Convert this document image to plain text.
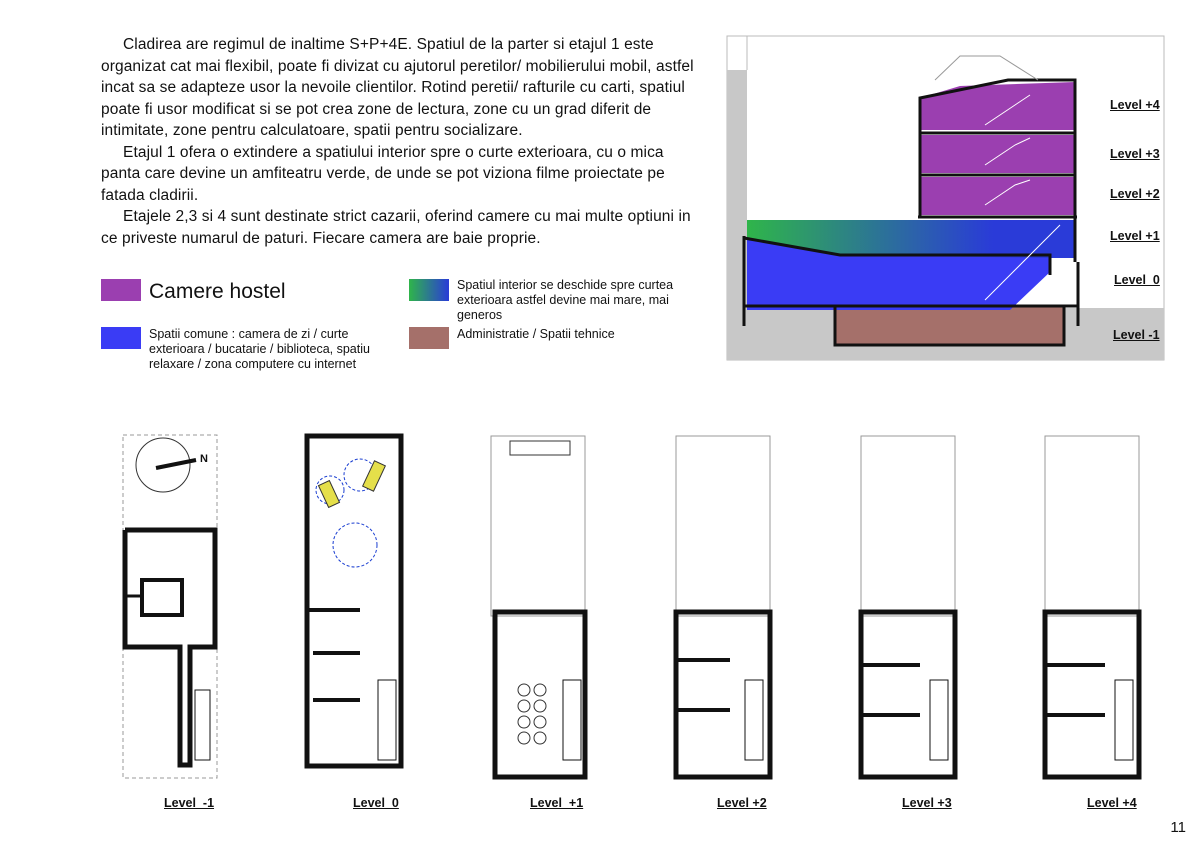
Cladirea are regimul de inaltime S+P+4E. Spatiul de la parter si etajul 1 este organizat cat mai flexibil, poate fi divizat cu ajutorul peretilor/ mobilierului mobil, astfel incat sa se adapteze usor la nevoile clientilor. Rotind peretii/ rafturile cu carti, spatiul poate fi usor modificat si se pot crea zone de lectura, zone cu un grad diferit de intimitate, zone pentru calculatoare, spatii pentru socializare.

Etajul 1 ofera o extindere a spatiului interior spre o curte exterioara, cu o mica panta care devine un amfiteatru verde, de unde se pot viziona filme proiectate pe fatada cladirii.

Etajele 2,3 si 4 sunt destinate strict cazarii, oferind camere cu mai multe optiuni in ce priveste numarul de paturi. Fiecare camera are baie proprie.

Camere hostel
Spatii comune : camera de zi / curte exterioara / bucatarie / biblioteca, spatiu relaxare / zona computere cu internet
Spatiul interior se deschide spre curtea exterioara astfel devine mai mare, mai generos
Administratie / Spatii tehnice
N
Level +4
Level +3
Level +2
Level +1
Level  0
Level -1
Level  -1	Level  0	Level  +1	Level +2	Level +3	Level +4
11
